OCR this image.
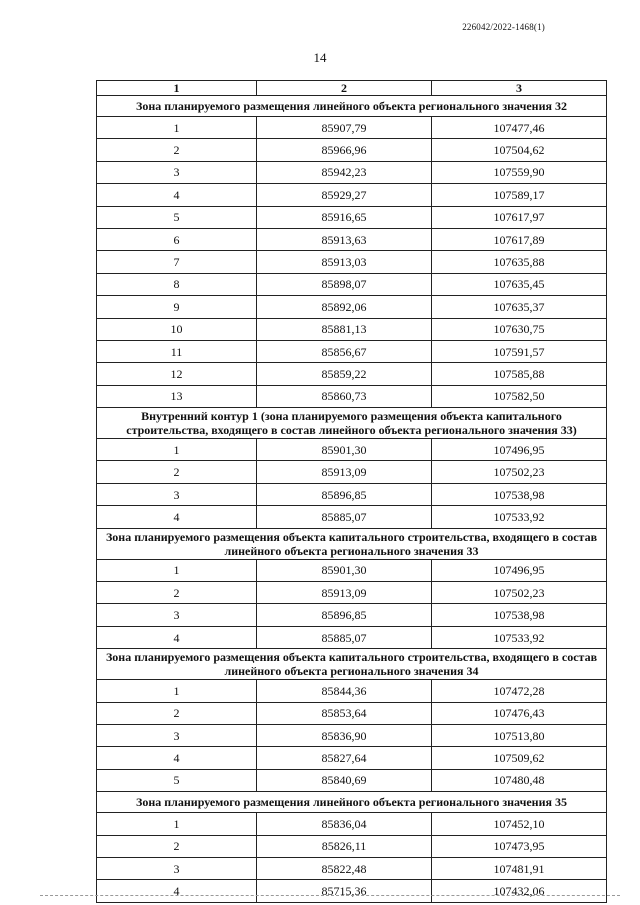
226042/2022-1468(1)
14
1	2	3
Зона планируемого размещения линейного объекта регионального значения 32		
1	85907,79	107477,46
2	85966,96	107504,62
3	85942,23	107559,90
4	85929,27	107589,17
5	85916,65	107617,97
6	85913,63	107617,89
7	85913,03	107635,88
8	85898,07	107635,45
9	85892,06	107635,37
10	85881,13	107630,75
11	85856,67	107591,57
12	85859,22	107585,88
13	85860,73	107582,50
Внутренний контур 1 (зона планируемого размещения объекта капитального строительства, входящего в состав линейного объекта регионального значения 33)		
1	85901,30	107496,95
2	85913,09	107502,23
3	85896,85	107538,98
4	85885,07	107533,92
Зона планируемого размещения объекта капитального строительства, входящего в состав линейного объекта регионального значения 33		
1	85901,30	107496,95
2	85913,09	107502,23
3	85896,85	107538,98
4	85885,07	107533,92
Зона планируемого размещения объекта капитального строительства, входящего в состав линейного объекта регионального значения 34		
1	85844,36	107472,28
2	85853,64	107476,43
3	85836,90	107513,80
4	85827,64	107509,62
5	85840,69	107480,48
Зона планируемого размещения линейного объекта регионального значения 35		
1	85836,04	107452,10
2	85826,11	107473,95
3	85822,48	107481,91
4	85715,36	107432,06
